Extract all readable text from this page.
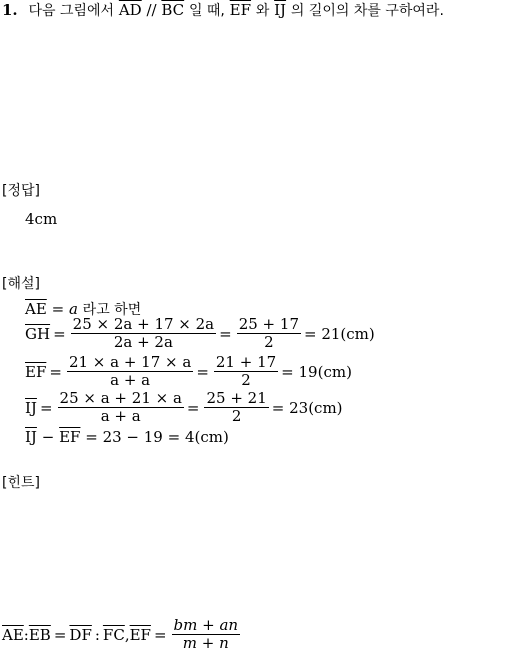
1. 다음 그림에서 $\overline{AD} // \overline{BC}$ 일 때, $\overline{EF}$ 와 $\overline{IJ}$ 의 길이의 차를 구하여라.
[정답]
4cm
[해설]
$\overline{AE} = a$ 라고 하면
$\overline{GH} = \frac{25 \times 2a + 17 \times 2a}{2a + 2a} = \frac{25 + 17}{2} = 21(cm)$
$\overline{EF} = \frac{21 \times a + 17 \times a}{a + a} = \frac{21 + 17}{2} = 19(cm)$
$\overline{IJ} = \frac{25 \times a + 21 \times a}{a + a} = \frac{25 + 21}{2} = 23(cm)$
$\overline{IJ} - \overline{EF} = 23 - 19 = 4(cm)$
[힌트]
$\overline{AE}$ : $\overline{EB} = \overline{DF}$ : $\overline{FC}$ , $\overline{EF} = \frac{bm + an}{m + n}$
